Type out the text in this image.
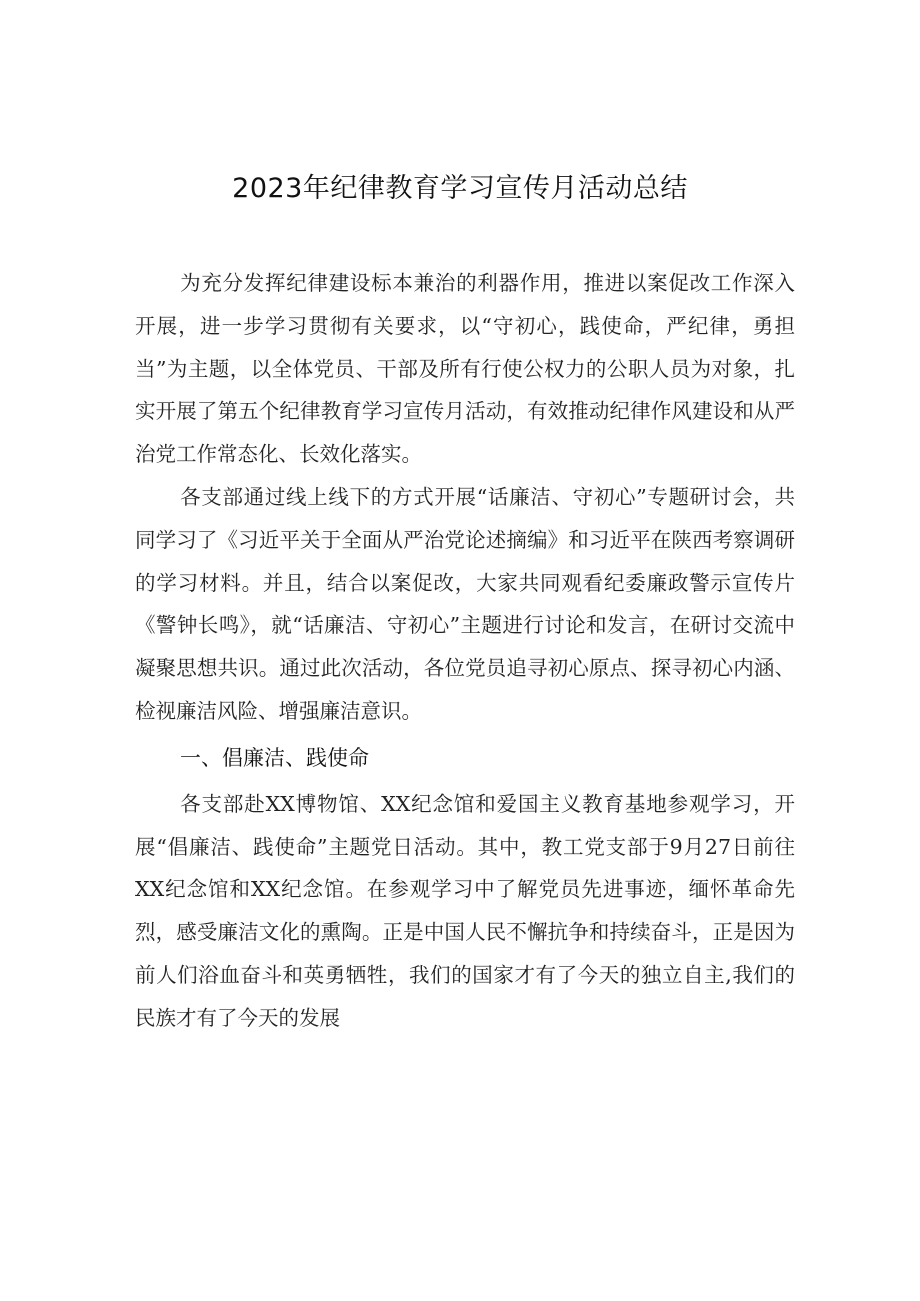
2023年纪律教育学习宣传月活动总结

为充分发挥纪律建设标本兼治的利器作用，推进以案促改工作深入开展，进一步学习贯彻有关要求，以“守初心，践使命，严纪律，勇担当”为主题，以全体党员、干部及所有行使公权力的公职人员为对象，扎实开展了第五个纪律教育学习宣传月活动，有效推动纪律作风建设和从严治党工作常态化、长效化落实。

各支部通过线上线下的方式开展“话廉洁、守初心”专题研讨会，共同学习了《习近平关于全面从严治党论述摘编》和习近平在陕西考察调研的学习材料。并且，结合以案促改，大家共同观看纪委廉政警示宣传片《警钟长鸣》，就“话廉洁、守初心”主题进行讨论和发言，在研讨交流中凝聚思想共识。通过此次活动，各位党员追寻初心原点、探寻初心内涵、检视廉洁风险、增强廉洁意识。

一、倡廉洁、践使命

各支部赴XX博物馆、XX纪念馆和爱国主义教育基地参观学习，开展“倡廉洁、践使命”主题党日活动。其中，教工党支部于9月27日前往XX纪念馆和XX纪念馆。在参观学习中了解党员先进事迹，缅怀革命先烈，感受廉洁文化的熏陶。正是中国人民不懈抗争和持续奋斗，正是因为前人们浴血奋斗和英勇牺牲，我们的国家才有了今天的独立自主,我们的民族才有了今天的发展
